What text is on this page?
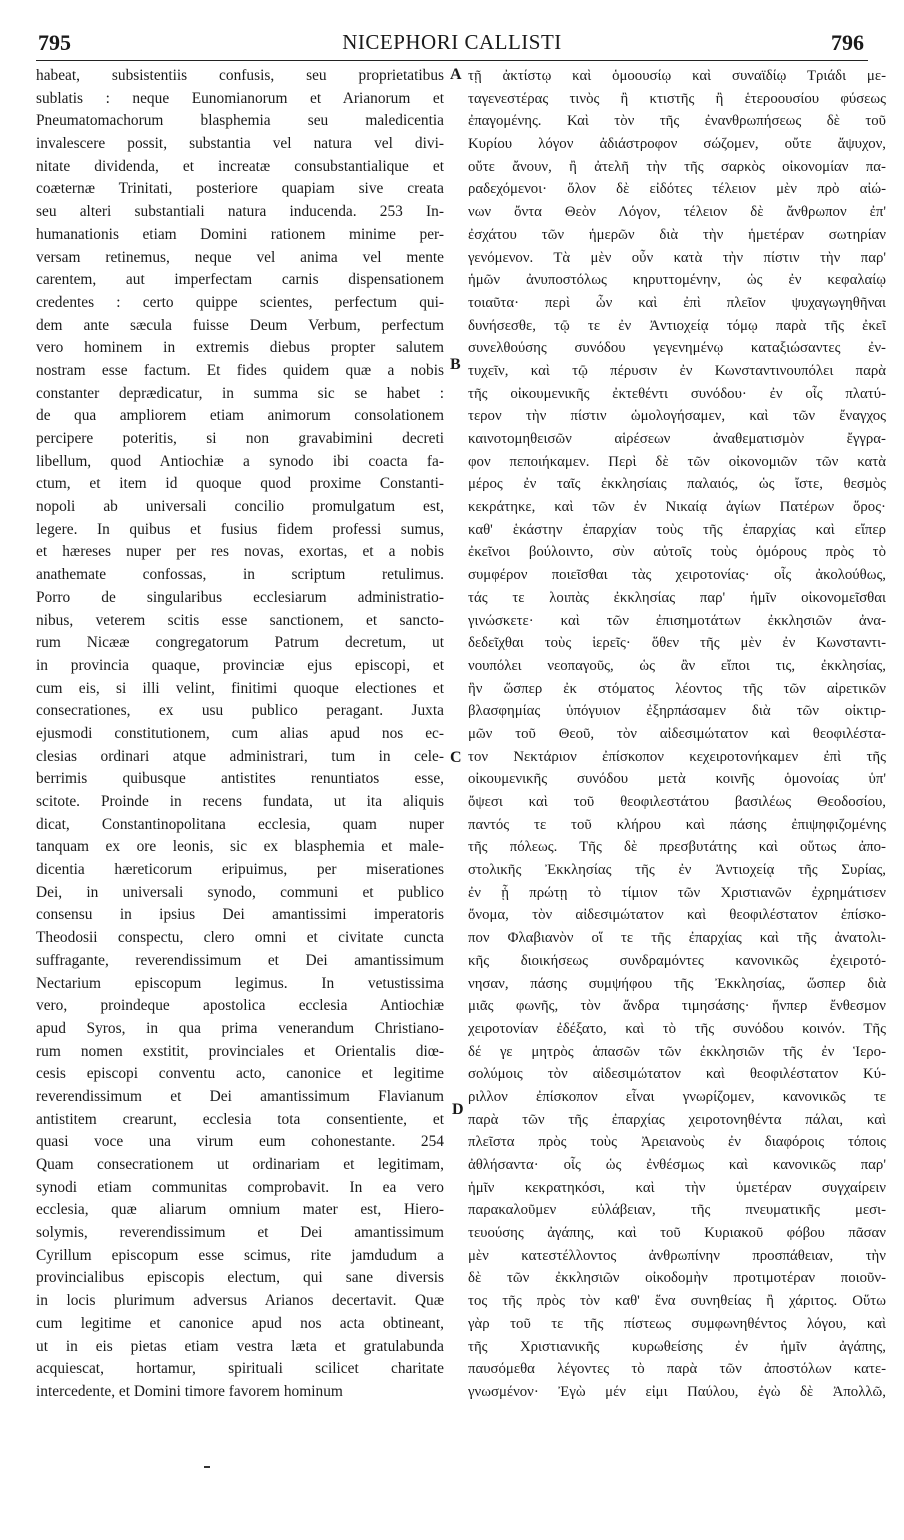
795	NICEPHORI CALLISTI	796
habeat, subsistentiis confusis, seu proprietatibus
sublatis : neque Eunomianorum et Arianorum et
Pneumatomachorum blasphemia seu maledicentia
invalescere possit, substantia vel natura vel divi-
nitate dividenda, et increatæ consubstantialique et
coæternæ Trinitati, posteriore quapiam sive creata
seu alteri substantiali natura inducenda. 253 In-
humanationis etiam Domini rationem minime per-
versam retinemus, neque vel anima vel mente
carentem, aut imperfectam carnis dispensationem
credentes : certo quippe scientes, perfectum qui-
dem ante sæcula fuisse Deum Verbum, perfectum
vero hominem in extremis diebus propter salutem
nostram esse factum. Et fides quidem quæ a nobis
constanter deprædicatur, in summa sic se habet :
de qua ampliorem etiam animorum consolationem
percipere poteritis, si non gravabimini decreti
libellum, quod Antiochiæ a synodo ibi coacta fa-
ctum, et item id quoque quod proxime Constanti-
nopoli ab universali concilio promulgatum est,
legere. In quibus et fusius fidem professi sumus,
et hæreses nuper per res novas, exortas, et a nobis
anathemate confossas, in scriptum retulimus.
Porro de singularibus ecclesiarum administratio-
nibus, veterem scitis esse sanctionem, et sancto-
rum Nicææ congregatorum Patrum decretum, ut
in provincia quaque, provinciæ ejus episcopi, et
cum eis, si illi velint, finitimi quoque electiones et
consecrationes, ex usu publico peragant. Juxta
ejusmodi constitutionem, cum alias apud nos ec-
clesias ordinari atque administrari, tum in cele-
berrimis quibusque antistites renuntiatos esse,
scitote. Proinde in recens fundata, ut ita aliquis
dicat, Constantinopolitana ecclesia, quam nuper
tanquam ex ore leonis, sic ex blasphemia et male-
dicentia hæreticorum eripuimus, per miserationes
Dei, in universali synodo, communi et publico
consensu in ipsius Dei amantissimi imperatoris
Theodosii conspectu, clero omni et civitate cuncta
suffragante, reverendissimum et Dei amantissimum
Nectarium episcopum legimus. In vetustissima
vero, proindeque apostolica ecclesia Antiochiæ
apud Syros, in qua prima venerandum Christiano-
rum nomen exstitit, provinciales et Orientalis diœ-
cesis episcopi conventu acto, canonice et legitime
reverendissimum et Dei amantissimum Flavianum
antistitem crearunt, ecclesia tota consentiente, et
quasi voce una virum eum cohonestante. 254
Quam consecrationem ut ordinariam et legitimam,
synodi etiam communitas comprobavit. In ea vero
ecclesia, quæ aliarum omnium mater est, Hiero-
solymis, reverendissimum et Dei amantissimum
Cyrillum episcopum esse scimus, rite jamdudum a
provincialibus episcopis electum, qui sane diversis
in locis plurimum adversus Arianos decertavit. Quæ
cum legitime et canonice apud nos acta obtineant,
ut in eis pietas etiam vestra læta et gratulabunda
acquiescat, hortamur, spirituali scilicet charitate
intercedente, et Domini timore favorem hominum
τῇ ἀκτίστῳ καὶ ὁμοουσίῳ καὶ συναϊδίῳ Τριάδι με-
ταγενεστέρας τινὸς ἢ κτιστῆς ἢ ἑτεροουσίου φύσεως
ἐπαγομένης. Καὶ τὸν τῆς ἐνανθρωπήσεως δὲ τοῦ
Κυρίου λόγον ἀδιάστροφον σώζομεν, οὔτε ἄψυχον,
οὔτε ἄνουν, ἢ ἀτελῆ τὴν τῆς σαρκὸς οἰκονομίαν πα-
ραδεχόμενοι· ὅλον δὲ εἰδότες τέλειον μὲν πρὸ αἰώ-
νων ὄντα Θεὸν Λόγον, τέλειον δὲ ἄνθρωπον ἐπ'
ἐσχάτου τῶν ἡμερῶν διὰ τὴν ἡμετέραν σωτηρίαν
γενόμενον. Τὰ μὲν οὖν κατὰ τὴν πίστιν τὴν παρ'
ἡμῶν ἀνυποστόλως κηρυττομένην, ὡς ἐν κεφαλαίῳ
τοιαῦτα· περὶ ὧν καὶ ἐπὶ πλεῖον ψυχαγωγηθῆναι
δυνήσεσθε, τῷ τε ἐν Ἀντιοχείᾳ τόμῳ παρὰ τῆς ἐκεῖ
συνελθούσης συνόδου γεγενημένῳ καταξιώσαντες ἐν-
τυχεῖν, καὶ τῷ πέρυσιν ἐν Κωνσταντινουπόλει παρὰ
τῆς οἰκουμενικῆς ἐκτεθέντι συνόδου· ἐν οἷς πλατύ-
τερον τὴν πίστιν ὡμολογήσαμεν, καὶ τῶν ἔναγχος
καινοτομηθεισῶν αἱρέσεων ἀναθεματισμὸν ἔγγρα-
φον πεποιήκαμεν. Περὶ δὲ τῶν οἰκονομιῶν τῶν κατὰ
μέρος ἐν ταῖς ἐκκλησίαις παλαιός, ὡς ἴστε, θεσμὸς
κεκράτηκε, καὶ τῶν ἐν Νικαίᾳ ἁγίων Πατέρων ὅρος·
καθ' ἑκάστην ἐπαρχίαν τοὺς τῆς ἐπαρχίας καὶ εἴπερ
ἐκεῖνοι βούλοιντο, σὺν αὐτοῖς τοὺς ὁμόρους πρὸς τὸ
συμφέρον ποιεῖσθαι τὰς χειροτονίας· οἷς ἀκολούθως,
τάς τε λοιπὰς ἐκκλησίας παρ' ἡμῖν οἰκονομεῖσθαι
γινώσκετε· καὶ τῶν ἐπισημοτάτων ἐκκλησιῶν ἀνα-
δεδεῖχθαι τοὺς ἱερεῖς· ὅθεν τῆς μὲν ἐν Κωνσταντι-
νουπόλει νεοπαγοῦς, ὡς ἂν εἴποι τις, ἐκκλησίας,
ἣν ὥσπερ ἐκ στόματος λέοντος τῆς τῶν αἱρετικῶν
βλασφημίας ὑπόγυιον ἐξηρπάσαμεν διὰ τῶν οἰκτιρ-
μῶν τοῦ Θεοῦ, τὸν αἰδεσιμώτατον καὶ θεοφιλέστα-
τον Νεκτάριον ἐπίσκοπον κεχειροτονήκαμεν ἐπὶ τῆς
οἰκουμενικῆς συνόδου μετὰ κοινῆς ὁμονοίας ὑπ'
ὄψεσι καὶ τοῦ θεοφιλεστάτου βασιλέως Θεοδοσίου,
παντός τε τοῦ κλήρου καὶ πάσης ἐπιψηφιζομένης
τῆς πόλεως. Τῆς δὲ πρεσβυτάτης καὶ οὕτως ἀπο-
στολικῆς Ἐκκλησίας τῆς ἐν Ἀντιοχείᾳ τῆς Συρίας,
ἐν ᾗ πρώτῃ τὸ τίμιον τῶν Χριστιανῶν ἐχρημάτισεν
ὄνομα, τὸν αἰδεσιμώτατον καὶ θεοφιλέστατον ἐπίσκο-
πον Φλαβιανὸν οἵ τε τῆς ἐπαρχίας καὶ τῆς ἀνατολι-
κῆς διοικήσεως συνδραμόντες κανονικῶς ἐχειροτό-
νησαν, πάσης συμψήφου τῆς Ἐκκλησίας, ὥσπερ διὰ
μιᾶς φωνῆς, τὸν ἄνδρα τιμησάσης· ἥνπερ ἔνθεσμον
χειροτονίαν ἐδέξατο, καὶ τὸ τῆς συνόδου κοινόν. Τῆς
δέ γε μητρὸς ἁπασῶν τῶν ἐκκλησιῶν τῆς ἐν Ἱερο-
σολύμοις τὸν αἰδεσιμώτατον καὶ θεοφιλέστατον Κύ-
ριλλον ἐπίσκοπον εἶναι γνωρίζομεν, κανονικῶς τε
παρὰ τῶν τῆς ἐπαρχίας χειροτονηθέντα πάλαι, καὶ
πλεῖστα πρὸς τοὺς Ἀρειανοὺς ἐν διαφόροις τόποις
ἀθλήσαντα· οἷς ὡς ἐνθέσμως καὶ κανονικῶς παρ'
ἡμῖν κεκρατηκόσι, καὶ τὴν ὑμετέραν συγχαίρειν
παρακαλοῦμεν εὐλάβειαν, τῆς πνευματικῆς μεσι-
τευούσης ἀγάπης, καὶ τοῦ Κυριακοῦ φόβου πᾶσαν
μὲν κατεστέλλοντος ἀνθρωπίνην προσπάθειαν, τὴν
δὲ τῶν ἐκκλησιῶν οἰκοδομὴν προτιμοτέραν ποιοῦν-
τος τῆς πρὸς τὸν καθ' ἕνα συνηθείας ἢ χάριτος. Οὕτω
γὰρ τοῦ τε τῆς πίστεως συμφωνηθέντος λόγου, καὶ
τῆς Χριστιανικῆς κυρωθείσης ἐν ἡμῖν ἀγάπης,
παυσόμεθα λέγοντες τὸ παρὰ τῶν ἀποστόλων κατε-
γνωσμένον· Ἐγὼ μέν εἰμι Παύλου, ἐγὼ δὲ Ἀπολλῶ,
A
B
C
D
